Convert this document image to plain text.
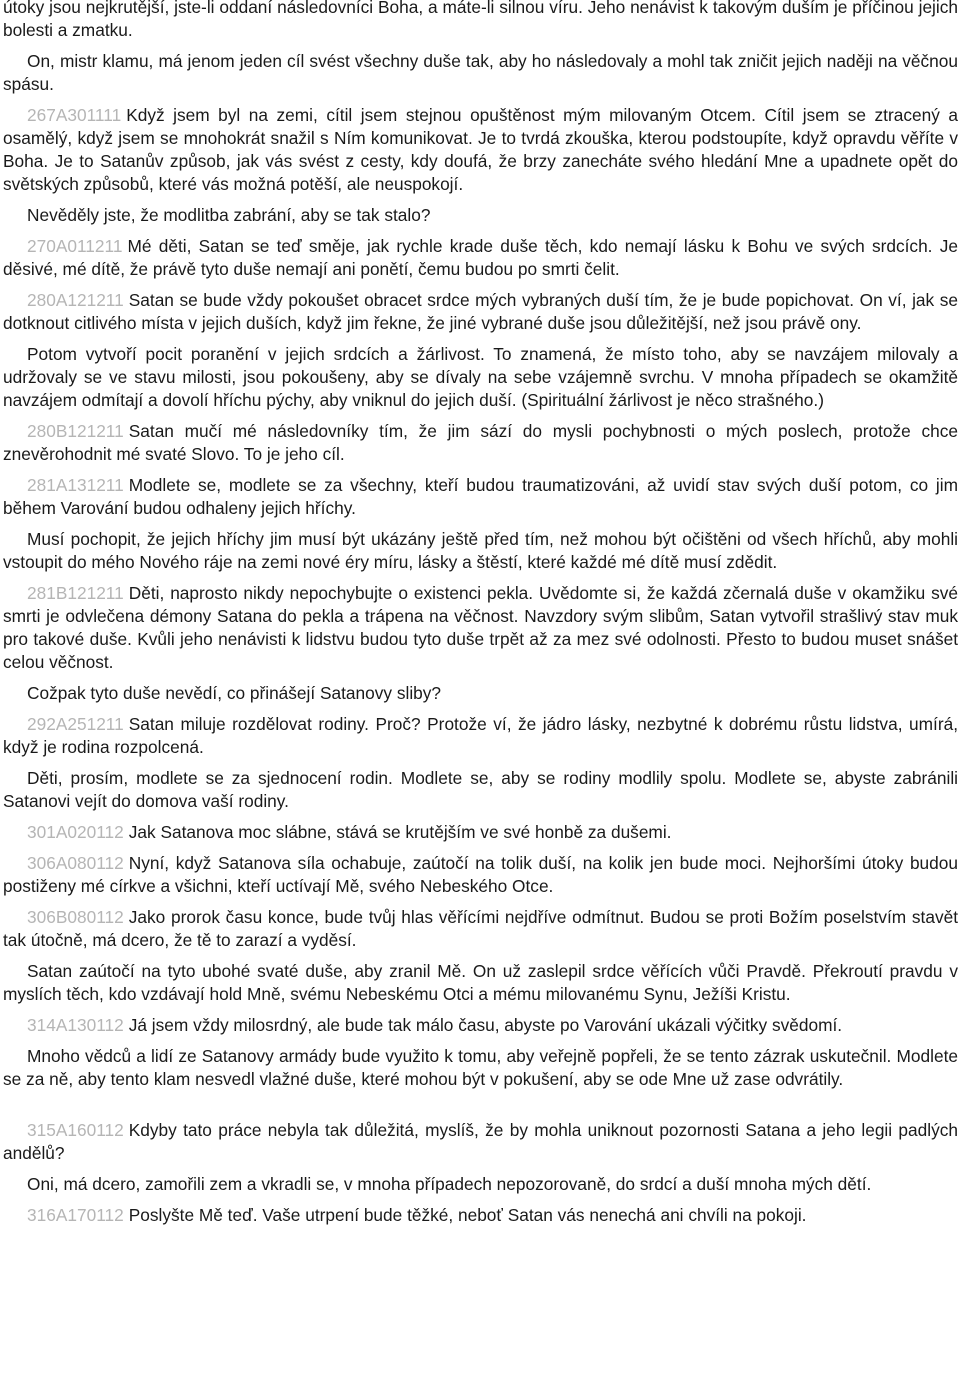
útoky jsou nejkrutější, jste-li oddaní následovníci Boha, a máte-li silnou víru. Jeho nenávist k takovým duším je příčinou jejich bolesti a zmatku.

On, mistr klamu, má jenom jeden cíl svést všechny duše tak, aby ho následovaly a mohl tak zničit jejich naději na věčnou spásu.

267A301111 Když jsem byl na zemi, cítil jsem stejnou opuštěnost mým milovaným Otcem. Cítil jsem se ztracený a osamělý, když jsem se mnohokrát snažil s Ním komunikovat. Je to tvrdá zkouška, kterou podstoupíte, když opravdu věříte v Boha. Je to Satanův způsob, jak vás svést z cesty, kdy doufá, že brzy zanecháte svého hledání Mne a upadnete opět do světských způsobů, které vás možná potěší, ale neuspokojí.

Nevěděly jste, že modlitba zabrání, aby se tak stalo?

270A011211 Mé děti, Satan se teď směje, jak rychle krade duše těch, kdo nemají lásku k Bohu ve svých srdcích. Je děsivé, mé dítě, že právě tyto duše nemají ani ponětí, čemu budou po smrti čelit.

280A121211 Satan se bude vždy pokoušet obracet srdce mých vybraných duší tím, že je bude popichovat. On ví, jak se dotknout citlivého místa v jejich duších, když jim řekne, že jiné vybrané duše jsou důležitější, než jsou právě ony.

Potom vytvoří pocit poranění v jejich srdcích a žárlivost. To znamená, že místo toho, aby se navzájem milovaly a udržovaly se ve stavu milosti, jsou pokoušeny, aby se dívaly na sebe vzájemně svrchu. V mnoha případech se okamžitě navzájem odmítají a dovolí hříchu pýchy, aby vniknul do jejich duší. (Spirituální žárlivost je něco strašného.)

280B121211 Satan mučí mé následovníky tím, že jim sází do mysli pochybnosti o mých poslech, protože chce znevěrohodnit mé svaté Slovo. To je jeho cíl.

281A131211 Modlete se, modlete se za všechny, kteří budou traumatizováni, až uvidí stav svých duší potom, co jim během Varování budou odhaleny jejich hříchy.

Musí pochopit, že jejich hříchy jim musí být ukázány ještě před tím, než mohou být očištěni od všech hříchů, aby mohli vstoupit do mého Nového ráje na zemi nové éry míru, lásky a štěstí, které každé mé dítě musí zdědit.

281B121211 Děti, naprosto nikdy nepochybujte o existenci pekla. Uvědomte si, že každá zčernalá duše v okamžiku své smrti je odvlečena démony Satana do pekla a trápena na věčnost. Navzdory svým slibům, Satan vytvořil strašlivý stav muk pro takové duše. Kvůli jeho nenávisti k lidstvu budou tyto duše trpět až za mez své odolnosti. Přesto to budou muset snášet celou věčnost.

Cožpak tyto duše nevědí, co přinášejí Satanovy sliby?

292A251211 Satan miluje rozdělovat rodiny. Proč? Protože ví, že jádro lásky, nezbytné k dobrému růstu lidstva, umírá, když je rodina rozpolcená.

Děti, prosím, modlete se za sjednocení rodin. Modlete se, aby se rodiny modlily spolu. Modlete se, abyste zabránili Satanovi vejít do domova vaší rodiny.

301A020112 Jak Satanova moc slábne, stává se krutějším ve své honbě za dušemi.

306A080112 Nyní, když Satanova síla ochabuje, zaútočí na tolik duší, na kolik jen bude moci. Nejhoršími útoky budou postiženy mé církve a všichni, kteří uctívají Mě, svého Nebeského Otce.

306B080112 Jako prorok času konce, bude tvůj hlas věřícími nejdříve odmítnut. Budou se proti Božím poselstvím stavět tak útočně, má dcero, že tě to zarazí a vyděsí.

Satan zaútočí na tyto ubohé svaté duše, aby zranil Mě. On už zaslepil srdce věřících vůči Pravdě. Překroutí pravdu v myslích těch, kdo vzdávají hold Mně, svému Nebeskému Otci a mému milovanému Synu, Ježíši Kristu.

314A130112 Já jsem vždy milosrdný, ale bude tak málo času, abyste po Varování ukázali výčitky svědomí.

Mnoho vědců a lidí ze Satanovy armády bude využito k tomu, aby veřejně popřeli, že se tento zázrak uskutečnil. Modlete se za ně, aby tento klam nesvedl vlažné duše, které mohou být v pokušení, aby se ode Mne už zase odvrátily.

315A160112 Kdyby tato práce nebyla tak důležitá, myslíš, že by mohla uniknout pozornosti Satana a jeho legii padlých andělů?

Oni, má dcero, zamořili zem a vkradli se, v mnoha případech nepozorovaně, do srdcí a duší mnoha mých dětí.

316A170112 Poslyšte Mě teď. Vaše utrpení bude těžké, neboť Satan vás nenechá ani chvíli na pokoji.
